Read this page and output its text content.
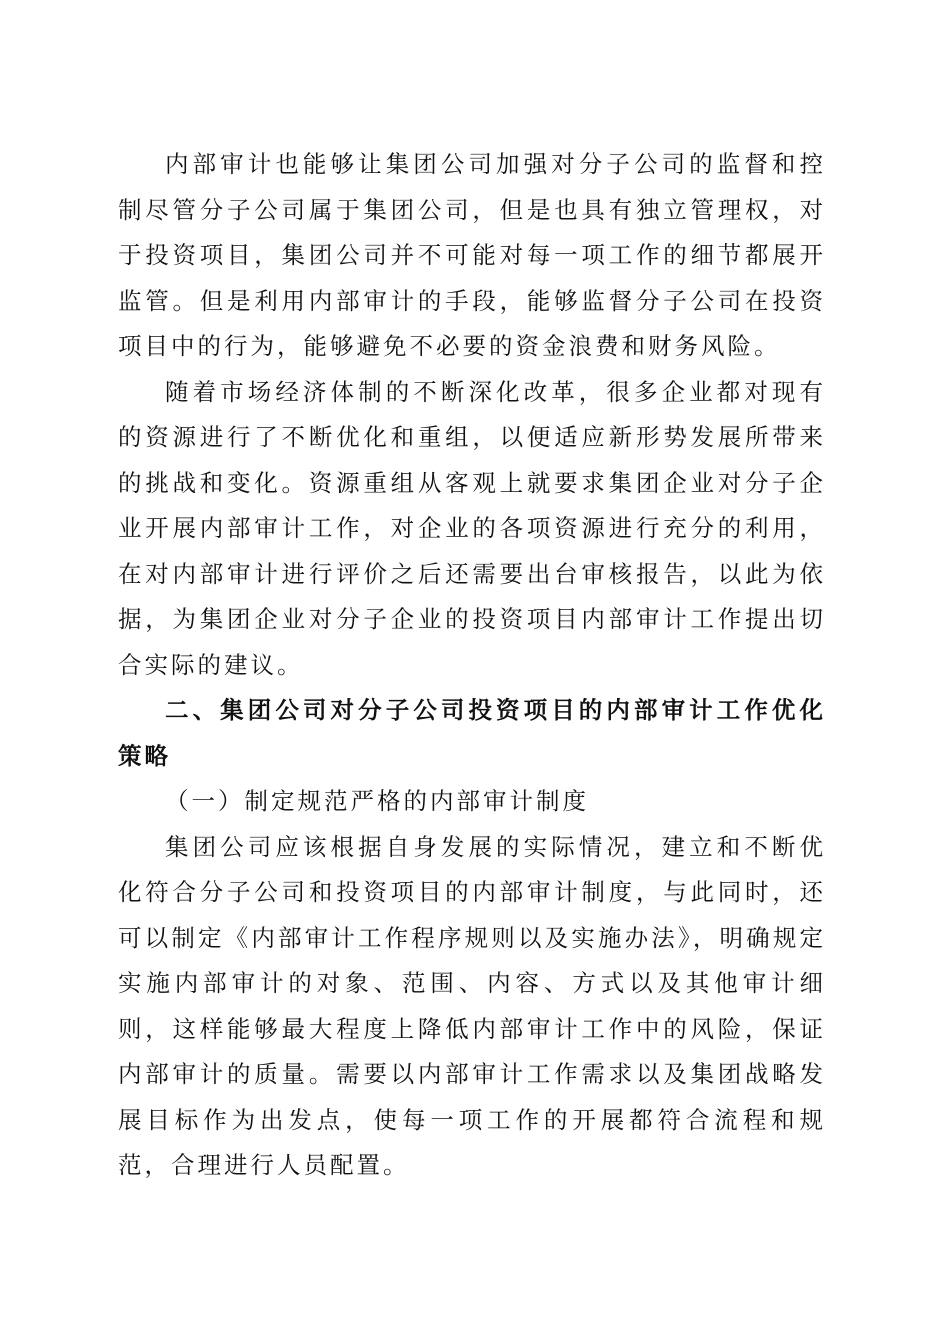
内部审计也能够让集团公司加强对分子公司的监督和控制尽管分子公司属于集团公司，但是也具有独立管理权，对于投资项目，集团公司并不可能对每一项工作的细节都展开监管。但是利用内部审计的手段，能够监督分子公司在投资项目中的行为，能够避免不必要的资金浪费和财务风险。

随着市场经济体制的不断深化改革，很多企业都对现有的资源进行了不断优化和重组，以便适应新形势发展所带来的挑战和变化。资源重组从客观上就要求集团企业对分子企业开展内部审计工作，对企业的各项资源进行充分的利用，在对内部审计进行评价之后还需要出台审核报告，以此为依据，为集团企业对分子企业的投资项目内部审计工作提出切合实际的建议。

二、集团公司对分子公司投资项目的内部审计工作优化策略

（一）制定规范严格的内部审计制度

集团公司应该根据自身发展的实际情况，建立和不断优化符合分子公司和投资项目的内部审计制度，与此同时，还可以制定《内部审计工作程序规则以及实施办法》，明确规定实施内部审计的对象、范围、内容、方式以及其他审计细则，这样能够最大程度上降低内部审计工作中的风险，保证内部审计的质量。需要以内部审计工作需求以及集团战略发展目标作为出发点，使每一项工作的开展都符合流程和规范，合理进行人员配置。
